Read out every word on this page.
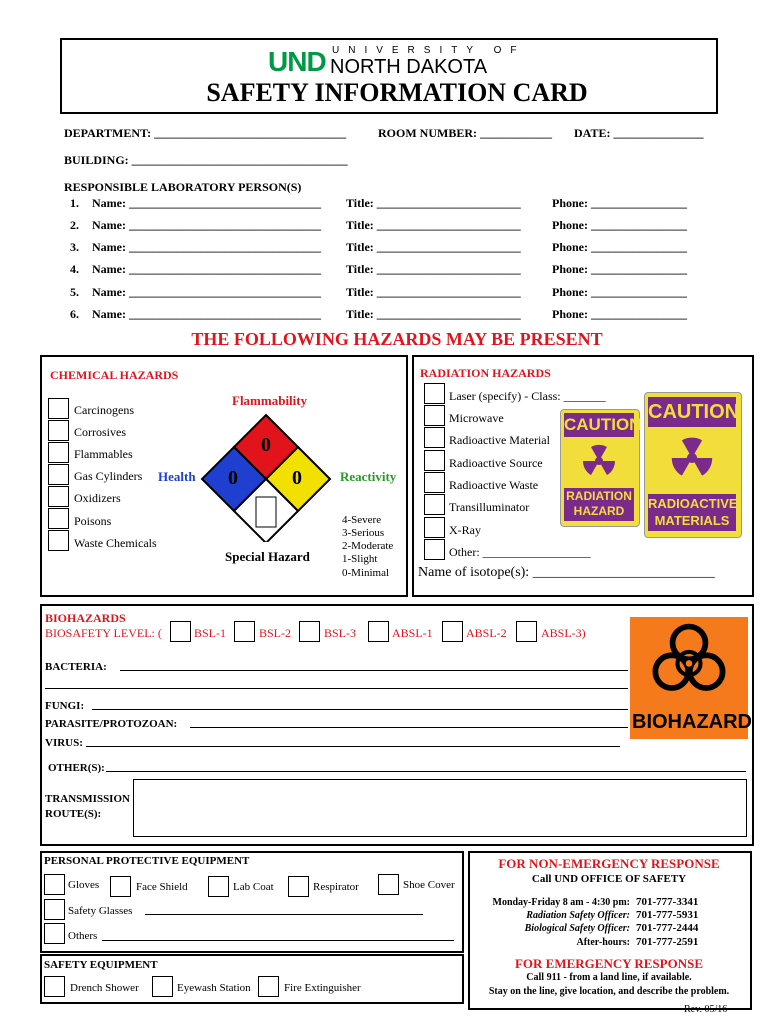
UND UNIVERSITY OF
NORTH DAKOTA
SAFETY INFORMATION CARD
DEPARTMENT: ________________________________	ROOM NUMBER: ____________ DATE: _______________
BUILDING: ____________________________________
RESPONSIBLE LABORATORY PERSON(S)
1. Name: ________________________________ Title: ________________________	Phone: ________________
2. Name: ________________________________ Title: ________________________	Phone: ________________
3. Name: ________________________________ Title: ________________________	Phone: ________________
4. Name: ________________________________ Title: ________________________	Phone: ________________
5. Name: ________________________________ Title: ________________________	Phone: ________________
6. Name: ________________________________ Title: ________________________	Phone: ________________
THE FOLLOWING HAZARDS MAY BE PRESENT
CHEMICAL HAZARDS
Carcinogens
Corrosives
Flammables
Gas Cylinders
Oxidizers
Poisons
Waste Chemicals
0
0	0
Flammability
Health	Reactivity
Special Hazard
4-Severe
3-Serious
2-Moderate
1-Slight
0-Minimal
RADIATION HAZARDS
Laser (specify) - Class: _______
Microwave
Radioactive Material
Radioactive Source
Radioactive Waste
Transilluminator
X-Ray
Other: __________________
Name of isotope(s): __________________________
CAUTION
RADIATION HAZARD
CAUTION
RADIOACTIVE MATERIALS
BIOHAZARDS
BIOSAFETY LEVEL: (	BSL-1	BSL-2	BSL-3	ABSL-1	ABSL-2	ABSL-3)
BACTERIA:
FUNGI:
PARASITE/PROTOZOAN:
VIRUS:
OTHER(S):
TRANSMISSION ROUTE(S):
BIOHAZARD
PERSONAL PROTECTIVE EQUIPMENT
Gloves	Face Shield	Lab Coat	Respirator	Shoe Cover
Safety Glasses
Others
SAFETY EQUIPMENT
Drench Shower	Eyewash Station	Fire Extinguisher
FOR NON-EMERGENCY RESPONSE
Call UND OFFICE OF SAFETY
Monday-Friday 8 am - 4:30 pm: 701-777-3341
Radiation Safety Officer: 701-777-5931
Biological Safety Officer: 701-777-2444
After-hours: 701-777-2591
FOR EMERGENCY RESPONSE
Call 911 - from a land line, if available.
Stay on the line, give location, and describe the problem.
Rev. 05/16
